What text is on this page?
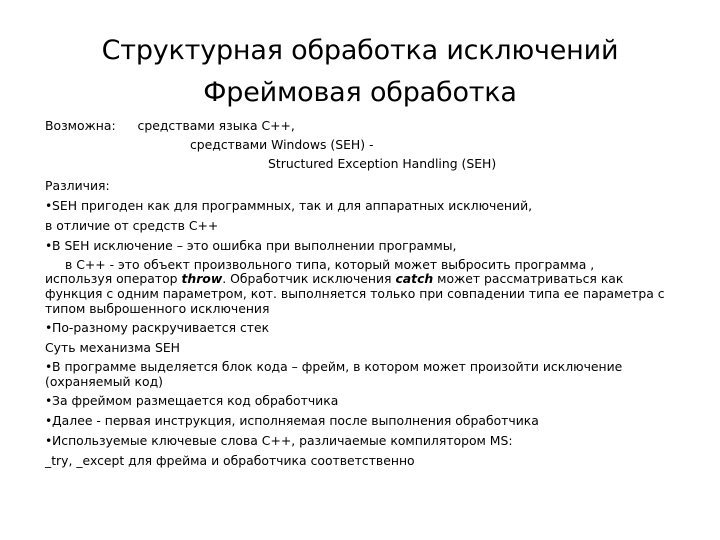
Структурная обработка исключений
Фреймовая обработка
Возможна: средствами языка С++,
средствами Windows (SEH) -
Structured Exception Handling (SEH)
Различия:
•SEH пригоден как для программных, так и для аппаратных исключений,
в отличие от средств С++
•В SEH исключение – это ошибка при выполнении программы,
в С++ - это объект произвольного типа, который может выбросить программа ,
используя оператор throw. Обработчик исключения catch может рассматриваться как
функция с одним параметром, кот. выполняется только при совпадении типа ее параметра с
типом выброшенного исключения
•По-разному раскручивается стек
Суть механизма SEH
•В программе выделяется блок кода – фрейм, в котором может произойти исключение
(охраняемый код)
•За фреймом размещается код обработчика
•Далее - первая инструкция, исполняемая после выполнения обработчика
•Используемые ключевые слова С++, различаемые компилятором MS:
_try, _except для фрейма и обработчика соответственно
